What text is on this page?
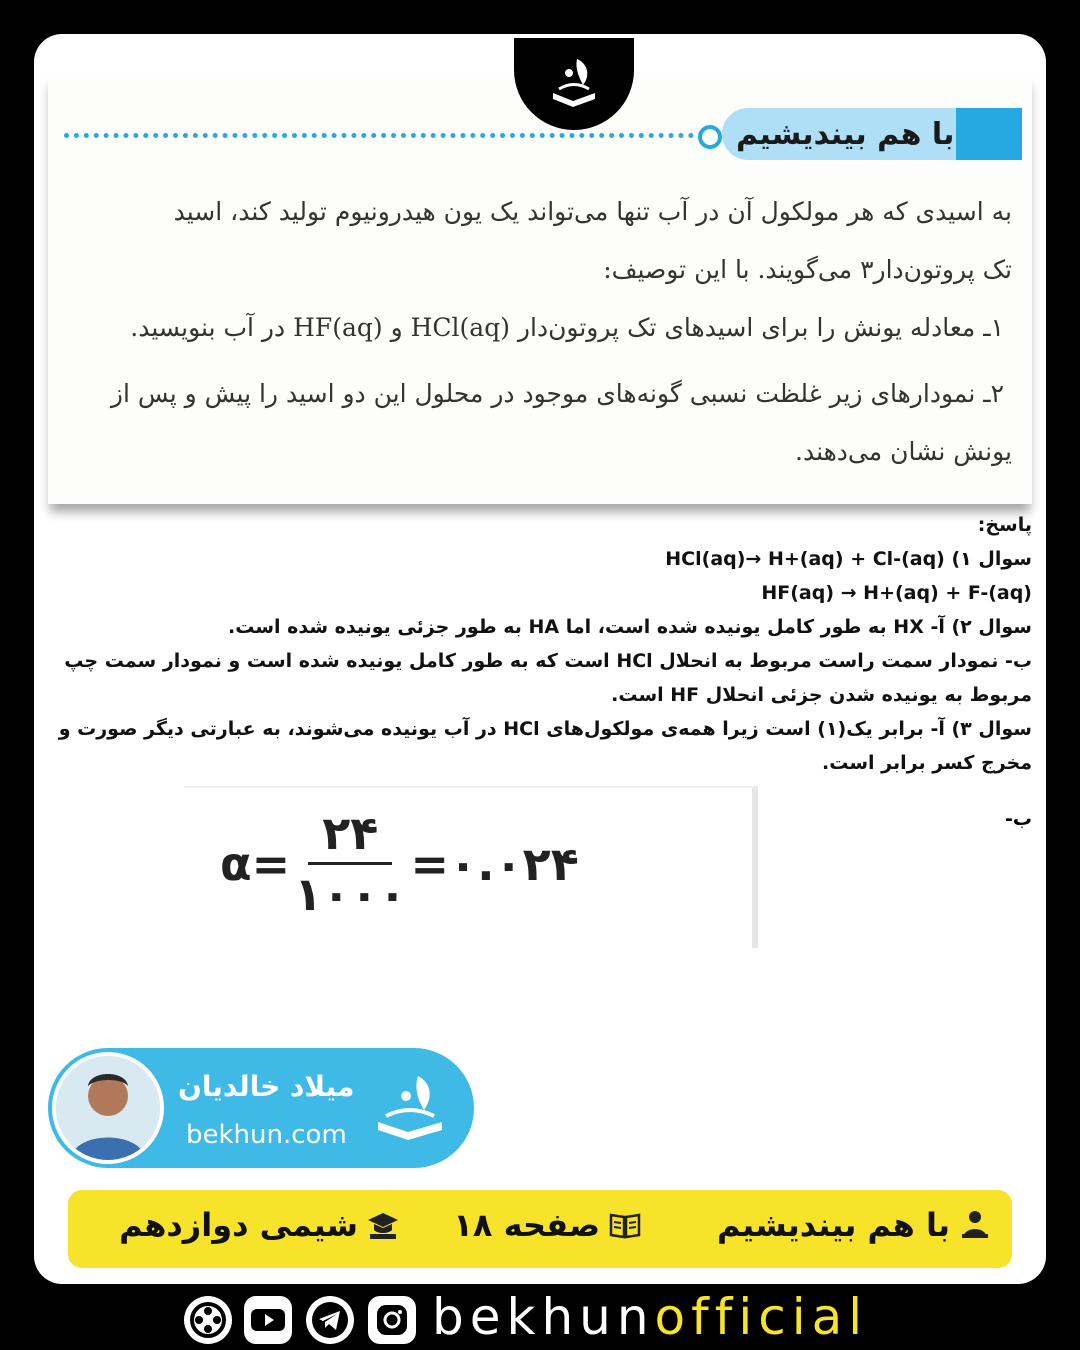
با هم بیندیشیم

به اسیدی که هر مولکول آن در آب تنها می‌تواند یک یون هیدرونیوم تولید کند، اسید

تک پروتون‌دار۳ می‌گویند. با این توصیف:

۱ـ معادله یونش را برای اسیدهای تک پروتون‌دار (HCl(aq و (HF(aq در آب بنویسید.

۲ـ نمودارهای زیر غلظت نسبی گونه‌های موجود در محلول این دو اسید را پیش و پس از

یونش نشان می‌دهند.

پاسخ:
سوال ۱) HCl(aq)→ H+(aq) + Cl-(aq)
HF(aq) → H+(aq) + F-(aq)
سوال ۲) آ- HX به طور کامل یونیده شده است، اما HA به طور جزئی یونیده شده است.
ب- نمودار سمت راست مربوط به انحلال HCl است که به طور کامل یونیده شده است و نمودار سمت چپ مربوط به یونیده شدن جزئی انحلال HF است.
سوال ۳) آ- برابر یک(۱) است زیرا همه‌ی مولکول‌های HCl در آب یونیده می‌شوند، به عبارتی دیگر صورت و مخرج کسر برابر است.
ب-
$\alpha= \frac{۲۴}{۱۰۰۰}$ =۰.۰۲۴
میلاد خالدیان
bekhun.com
با هم بیندیشیم
صفحه ۱۸
شیمی دوازدهم
bekhunofficial
